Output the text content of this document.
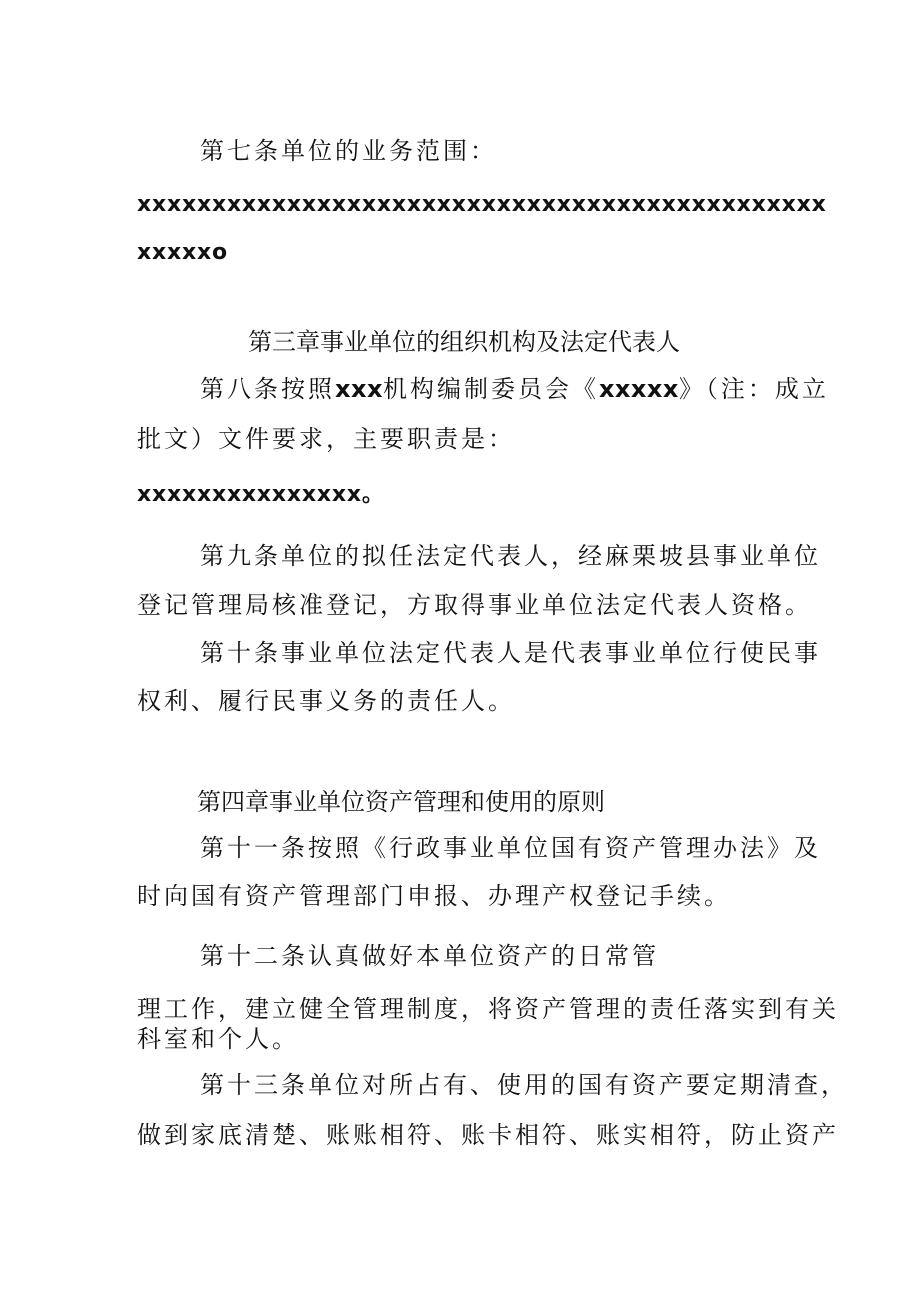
第七条单位的业务范围：
xxxxxxxxxxxxxxxxxxxxxxxxxxxxxxxxxxxxxxxxxxxxxx
xxxxxo
第三章事业单位的组织机构及法定代表人
第八条按照xxx机构编制委员会《xxxxx》（注：成立
批文）文件要求，主要职责是：
xxxxxxxxxxxxxxx。
第九条单位的拟任法定代表人，经麻栗坡县事业单位
登记管理局核准登记，方取得事业单位法定代表人资格。
第十条事业单位法定代表人是代表事业单位行使民事
权利、履行民事义务的责任人。
第四章事业单位资产管理和使用的原则
第十一条按照《行政事业单位国有资产管理办法》及
时向国有资产管理部门申报、办理产权登记手续。
第十二条认真做好本单位资产的日常管
理工作，建立健全管理制度，将资产管理的责任落实到有关
科室和个人。
第十三条单位对所占有、使用的国有资产要定期清查，
做到家底清楚、账账相符、账卡相符、账实相符，防止资产
